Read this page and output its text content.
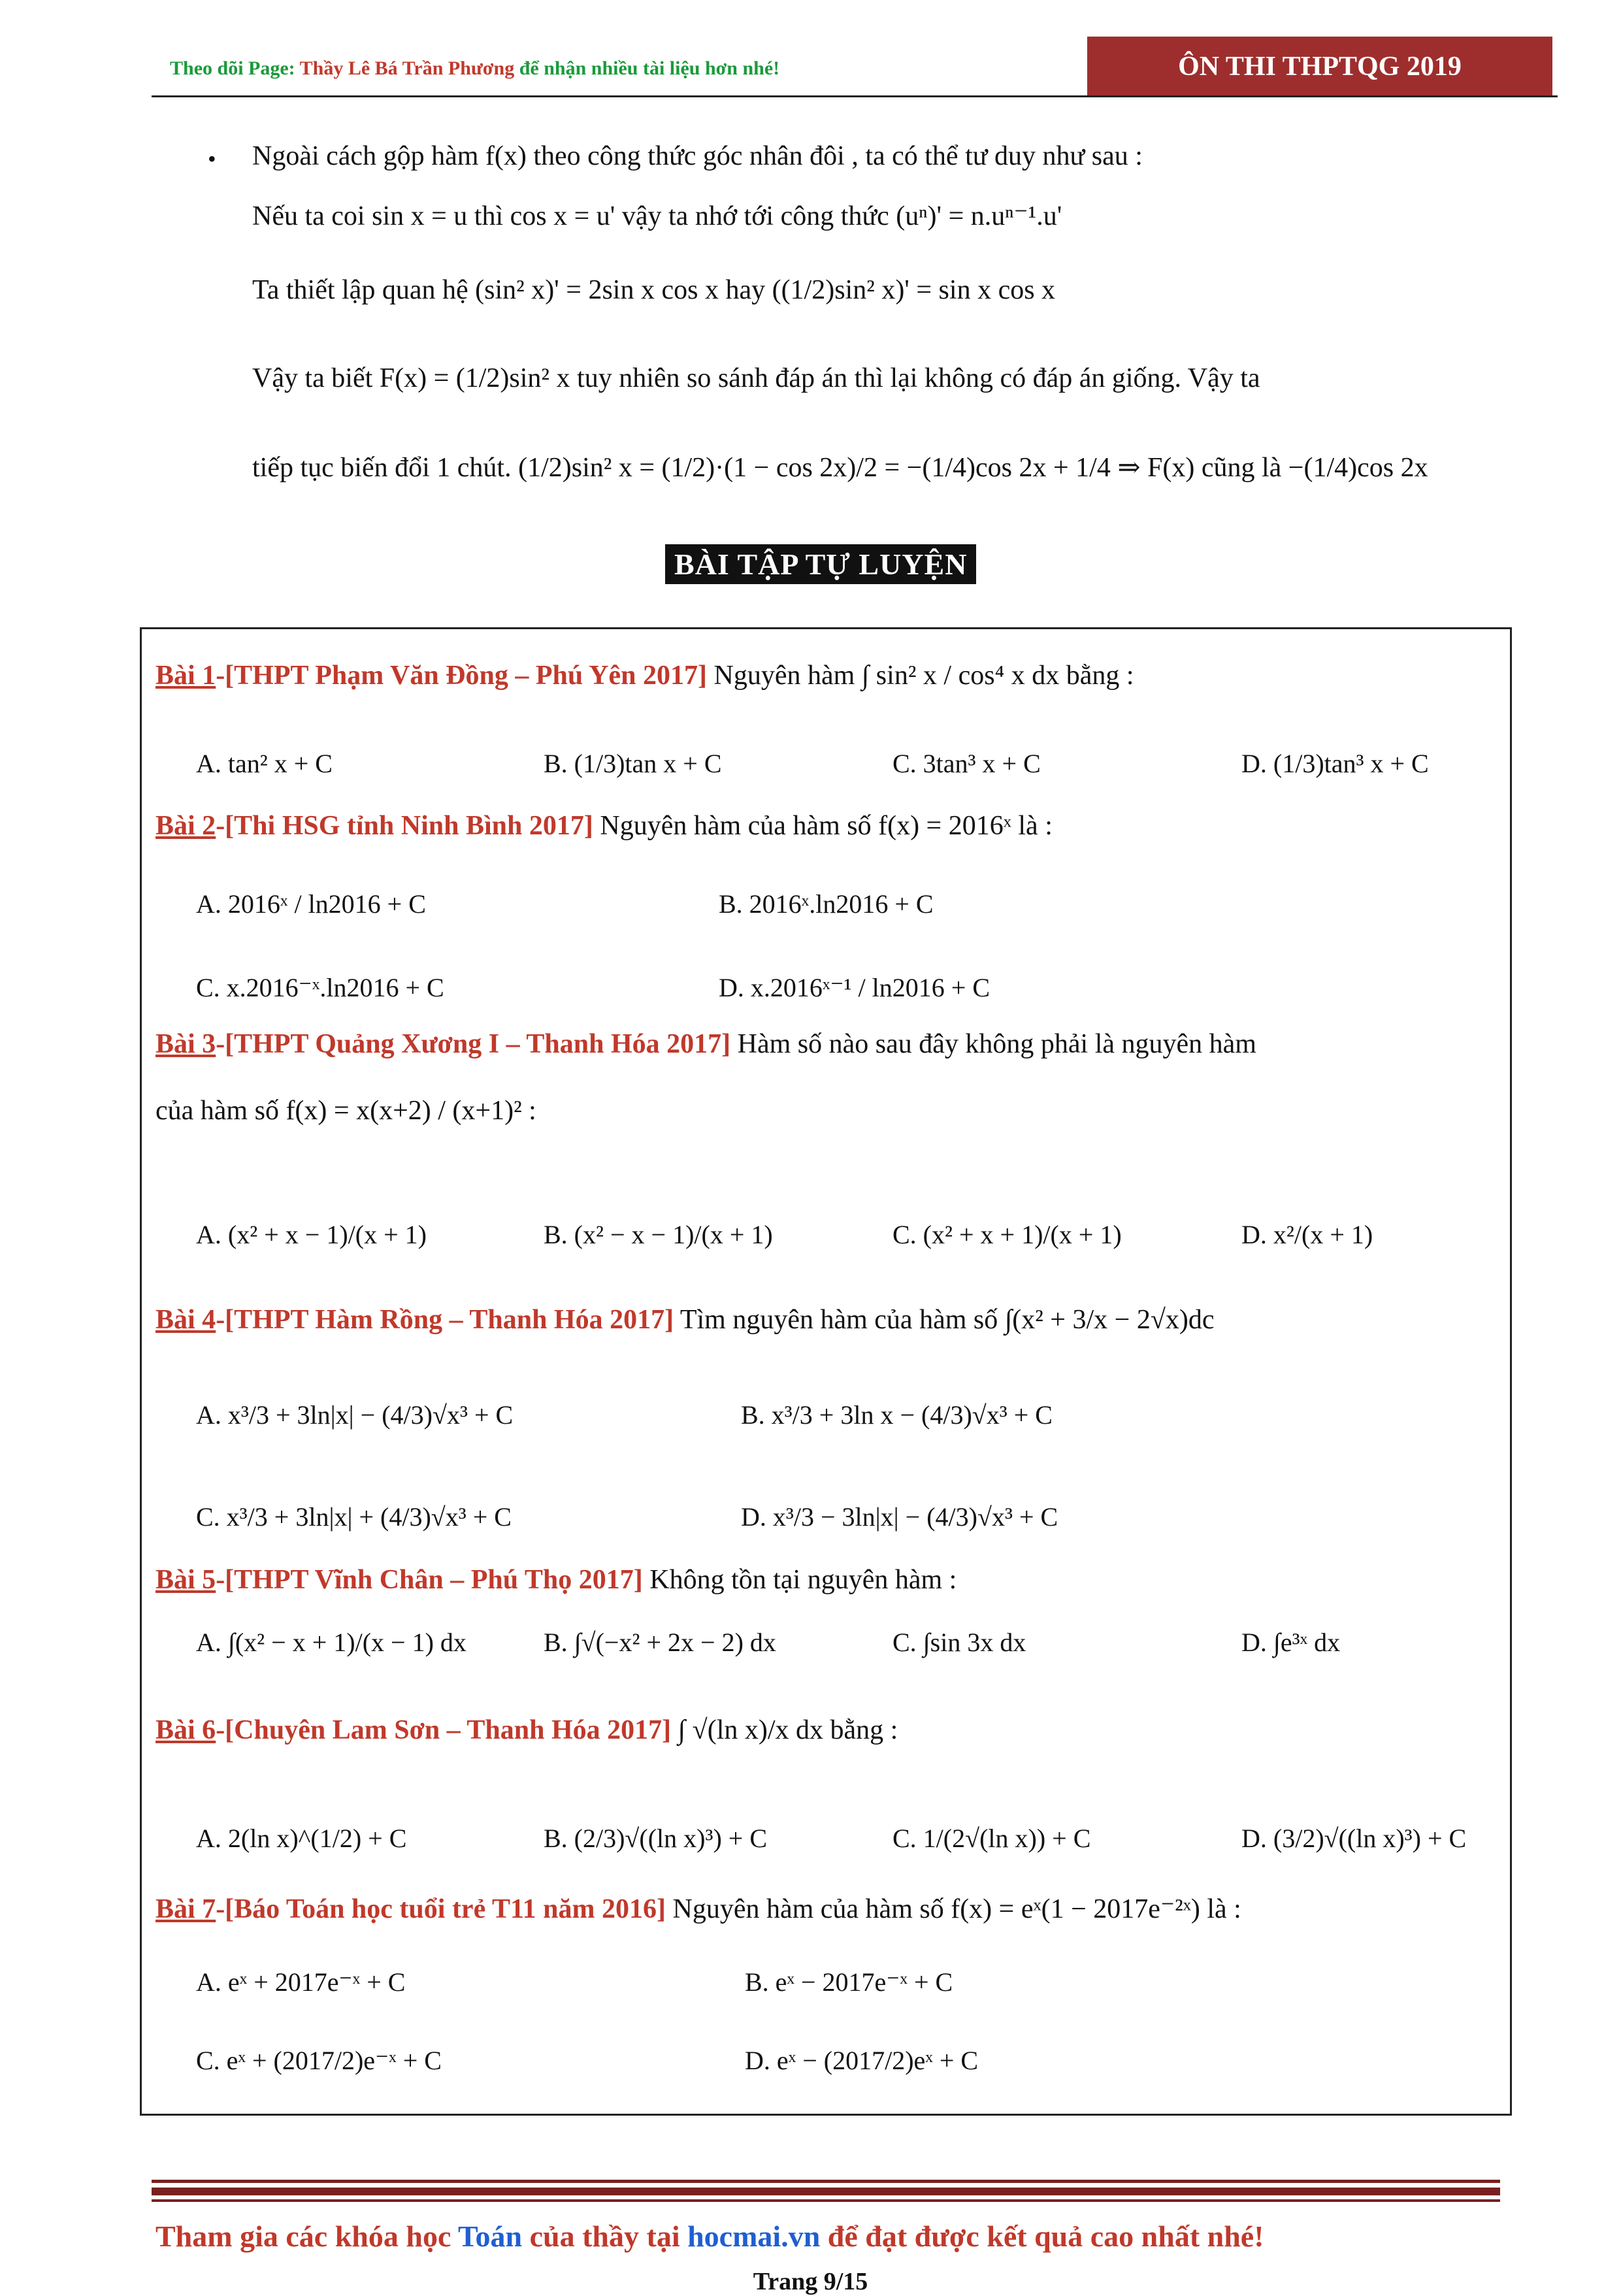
Theo dõi Page: Thầy Lê Bá Trần Phương để nhận nhiều tài liệu hơn nhé!	ÔN THI THPTQG 2019
• Ngoài cách gộp hàm f(x) theo công thức góc nhân đôi , ta có thể tư duy như sau :
Nếu ta coi sin x = u thì cos x = u' vậy ta nhớ tới công thức (uⁿ)' = n.uⁿ⁻¹.u'
Ta thiết lập quan hệ (sin² x)' = 2sin x cos x hay ((1/2)sin² x)' = sin x cos x
Vậy ta biết F(x) = (1/2)sin² x tuy nhiên so sánh đáp án thì lại không có đáp án giống. Vậy ta
tiếp tục biến đổi 1 chút. (1/2)sin² x = (1/2)·(1 − cos 2x)/2 = −(1/4)cos 2x + 1/4 ⇒ F(x) cũng là −(1/4)cos 2x
BÀI TẬP TỰ LUYỆN
Bài 1-[THPT Phạm Văn Đồng – Phú Yên 2017] Nguyên hàm ∫ sin² x / cos⁴ x dx bằng :
A. tan² x + C	B. (1/3)tan x + C	C. 3tan³ x + C	D. (1/3)tan³ x + C
Bài 2-[Thi HSG tỉnh Ninh Bình 2017] Nguyên hàm của hàm số f(x) = 2016ˣ là :
A. 2016ˣ / ln2016 + C	B. 2016ˣ.ln2016 + C
C. x.2016⁻ˣ.ln2016 + C	D. x.2016ˣ⁻¹ / ln2016 + C
Bài 3-[THPT Quảng Xương I – Thanh Hóa 2017] Hàm số nào sau đây không phải là nguyên hàm
của hàm số f(x) = x(x+2) / (x+1)² :
A. (x² + x − 1)/(x + 1)	B. (x² − x − 1)/(x + 1)	C. (x² + x + 1)/(x + 1)	D. x²/(x + 1)
Bài 4-[THPT Hàm Rồng – Thanh Hóa 2017] Tìm nguyên hàm của hàm số ∫(x² + 3/x − 2√x)dc
A. x³/3 + 3ln|x| − (4/3)√x³ + C	B. x³/3 + 3ln x − (4/3)√x³ + C
C. x³/3 + 3ln|x| + (4/3)√x³ + C	D. x³/3 − 3ln|x| − (4/3)√x³ + C
Bài 5-[THPT Vĩnh Chân – Phú Thọ 2017] Không tồn tại nguyên hàm :
A. ∫(x² − x + 1)/(x − 1) dx	B. ∫√(−x² + 2x − 2) dx	C. ∫sin 3x dx	D. ∫e³ˣ dx
Bài 6-[Chuyên Lam Sơn – Thanh Hóa 2017] ∫ √(ln x)/x dx bằng :
A. 2(ln x)^(1/2) + C	B. (2/3)√((ln x)³) + C	C. 1/(2√(ln x)) + C	D. (3/2)√((ln x)³) + C
Bài 7-[Báo Toán học tuổi trẻ T11 năm 2016] Nguyên hàm của hàm số f(x) = eˣ(1 − 2017e⁻²ˣ) là :
A. eˣ + 2017e⁻ˣ + C	B. eˣ − 2017e⁻ˣ + C
C. eˣ + (2017/2)e⁻ˣ + C	D. eˣ − (2017/2)eˣ + C
Tham gia các khóa học Toán của thầy tại hocmai.vn để đạt được kết quả cao nhất nhé!
Trang 9/15
